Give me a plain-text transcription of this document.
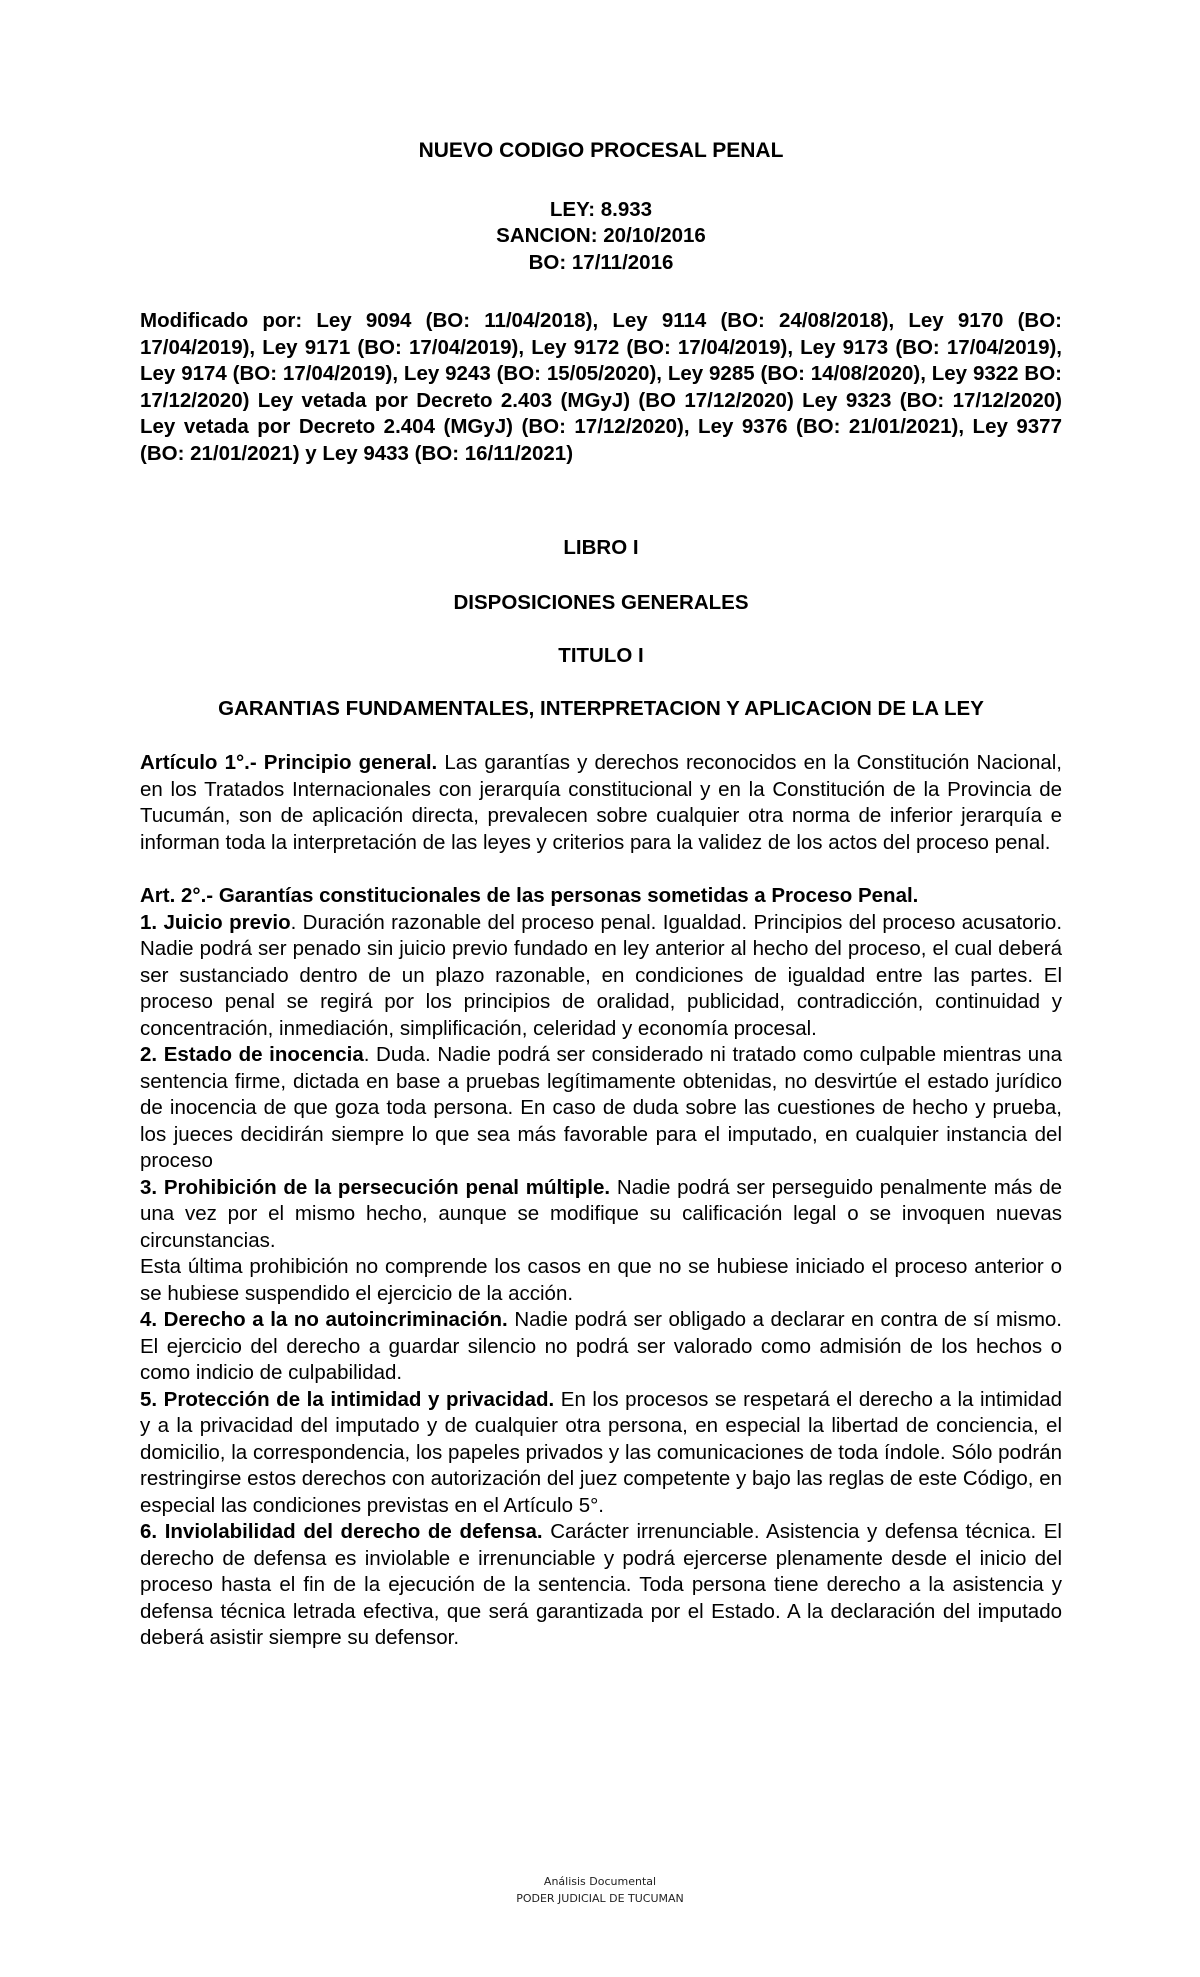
NUEVO CODIGO PROCESAL PENAL

LEY: 8.933

SANCION: 20/10/2016

BO: 17/11/2016

Modificado por: Ley 9094 (BO: 11/04/2018), Ley 9114 (BO: 24/08/2018), Ley 9170 (BO: 17/04/2019), Ley 9171 (BO: 17/04/2019), Ley 9172 (BO: 17/04/2019), Ley 9173 (BO: 17/04/2019), Ley 9174 (BO: 17/04/2019), Ley 9243 (BO: 15/05/2020), Ley 9285 (BO: 14/08/2020), Ley 9322 BO: 17/12/2020) Ley vetada por Decreto 2.403 (MGyJ) (BO 17/12/2020) Ley 9323 (BO: 17/12/2020) Ley vetada por Decreto 2.404 (MGyJ) (BO: 17/12/2020), Ley 9376 (BO: 21/01/2021), Ley 9377 (BO: 21/01/2021) y Ley 9433 (BO: 16/11/2021)

LIBRO I

DISPOSICIONES GENERALES

TITULO I

GARANTIAS FUNDAMENTALES, INTERPRETACION Y APLICACION DE LA LEY

Artículo 1°.- Principio general. Las garantías y derechos reconocidos en la Constitución Nacional, en los Tratados Internacionales con jerarquía constitucional y en la Constitución de la Provincia de Tucumán, son de aplicación directa, prevalecen sobre cualquier otra norma de inferior jerarquía e informan toda la interpretación de las leyes y criterios para la validez de los actos del proceso penal.

Art. 2°.- Garantías constitucionales de las personas sometidas a Proceso Penal.

1. Juicio previo. Duración razonable del proceso penal. Igualdad. Principios del proceso acusatorio. Nadie podrá ser penado sin juicio previo fundado en ley anterior al hecho del proceso, el cual deberá ser sustanciado dentro de un plazo razonable, en condiciones de igualdad entre las partes. El proceso penal se regirá por los principios de oralidad, publicidad, contradicción, continuidad y concentración, inmediación, simplificación, celeridad y economía procesal.

2. Estado de inocencia. Duda. Nadie podrá ser considerado ni tratado como culpable mientras una sentencia firme, dictada en base a pruebas legítimamente obtenidas, no desvirtúe el estado jurídico de inocencia de que goza toda persona. En caso de duda sobre las cuestiones de hecho y prueba, los jueces decidirán siempre lo que sea más favorable para el imputado, en cualquier instancia del proceso

3. Prohibición de la persecución penal múltiple. Nadie podrá ser perseguido penalmente más de una vez por el mismo hecho, aunque se modifique su calificación legal o se invoquen nuevas circunstancias.

Esta última prohibición no comprende los casos en que no se hubiese iniciado el proceso anterior o se hubiese suspendido el ejercicio de la acción.

4. Derecho a la no autoincriminación. Nadie podrá ser obligado a declarar en contra de sí mismo. El ejercicio del derecho a guardar silencio no podrá ser valorado como admisión de los hechos o como indicio de culpabilidad.

5. Protección de la intimidad y privacidad. En los procesos se respetará el derecho a la intimidad y a la privacidad del imputado y de cualquier otra persona, en especial la libertad de conciencia, el domicilio, la correspondencia, los papeles privados y las comunicaciones de toda índole. Sólo podrán restringirse estos derechos con autorización del juez competente y bajo las reglas de este Código, en especial las condiciones previstas en el Artículo 5°.

6. Inviolabilidad del derecho de defensa. Carácter irrenunciable. Asistencia y defensa técnica. El derecho de defensa es inviolable e irrenunciable y podrá ejercerse plenamente desde el inicio del proceso hasta el fin de la ejecución de la sentencia. Toda persona tiene derecho a la asistencia y defensa técnica letrada efectiva, que será garantizada por el Estado. A la declaración del imputado deberá asistir siempre su defensor.

Análisis Documental
PODER JUDICIAL DE TUCUMAN
